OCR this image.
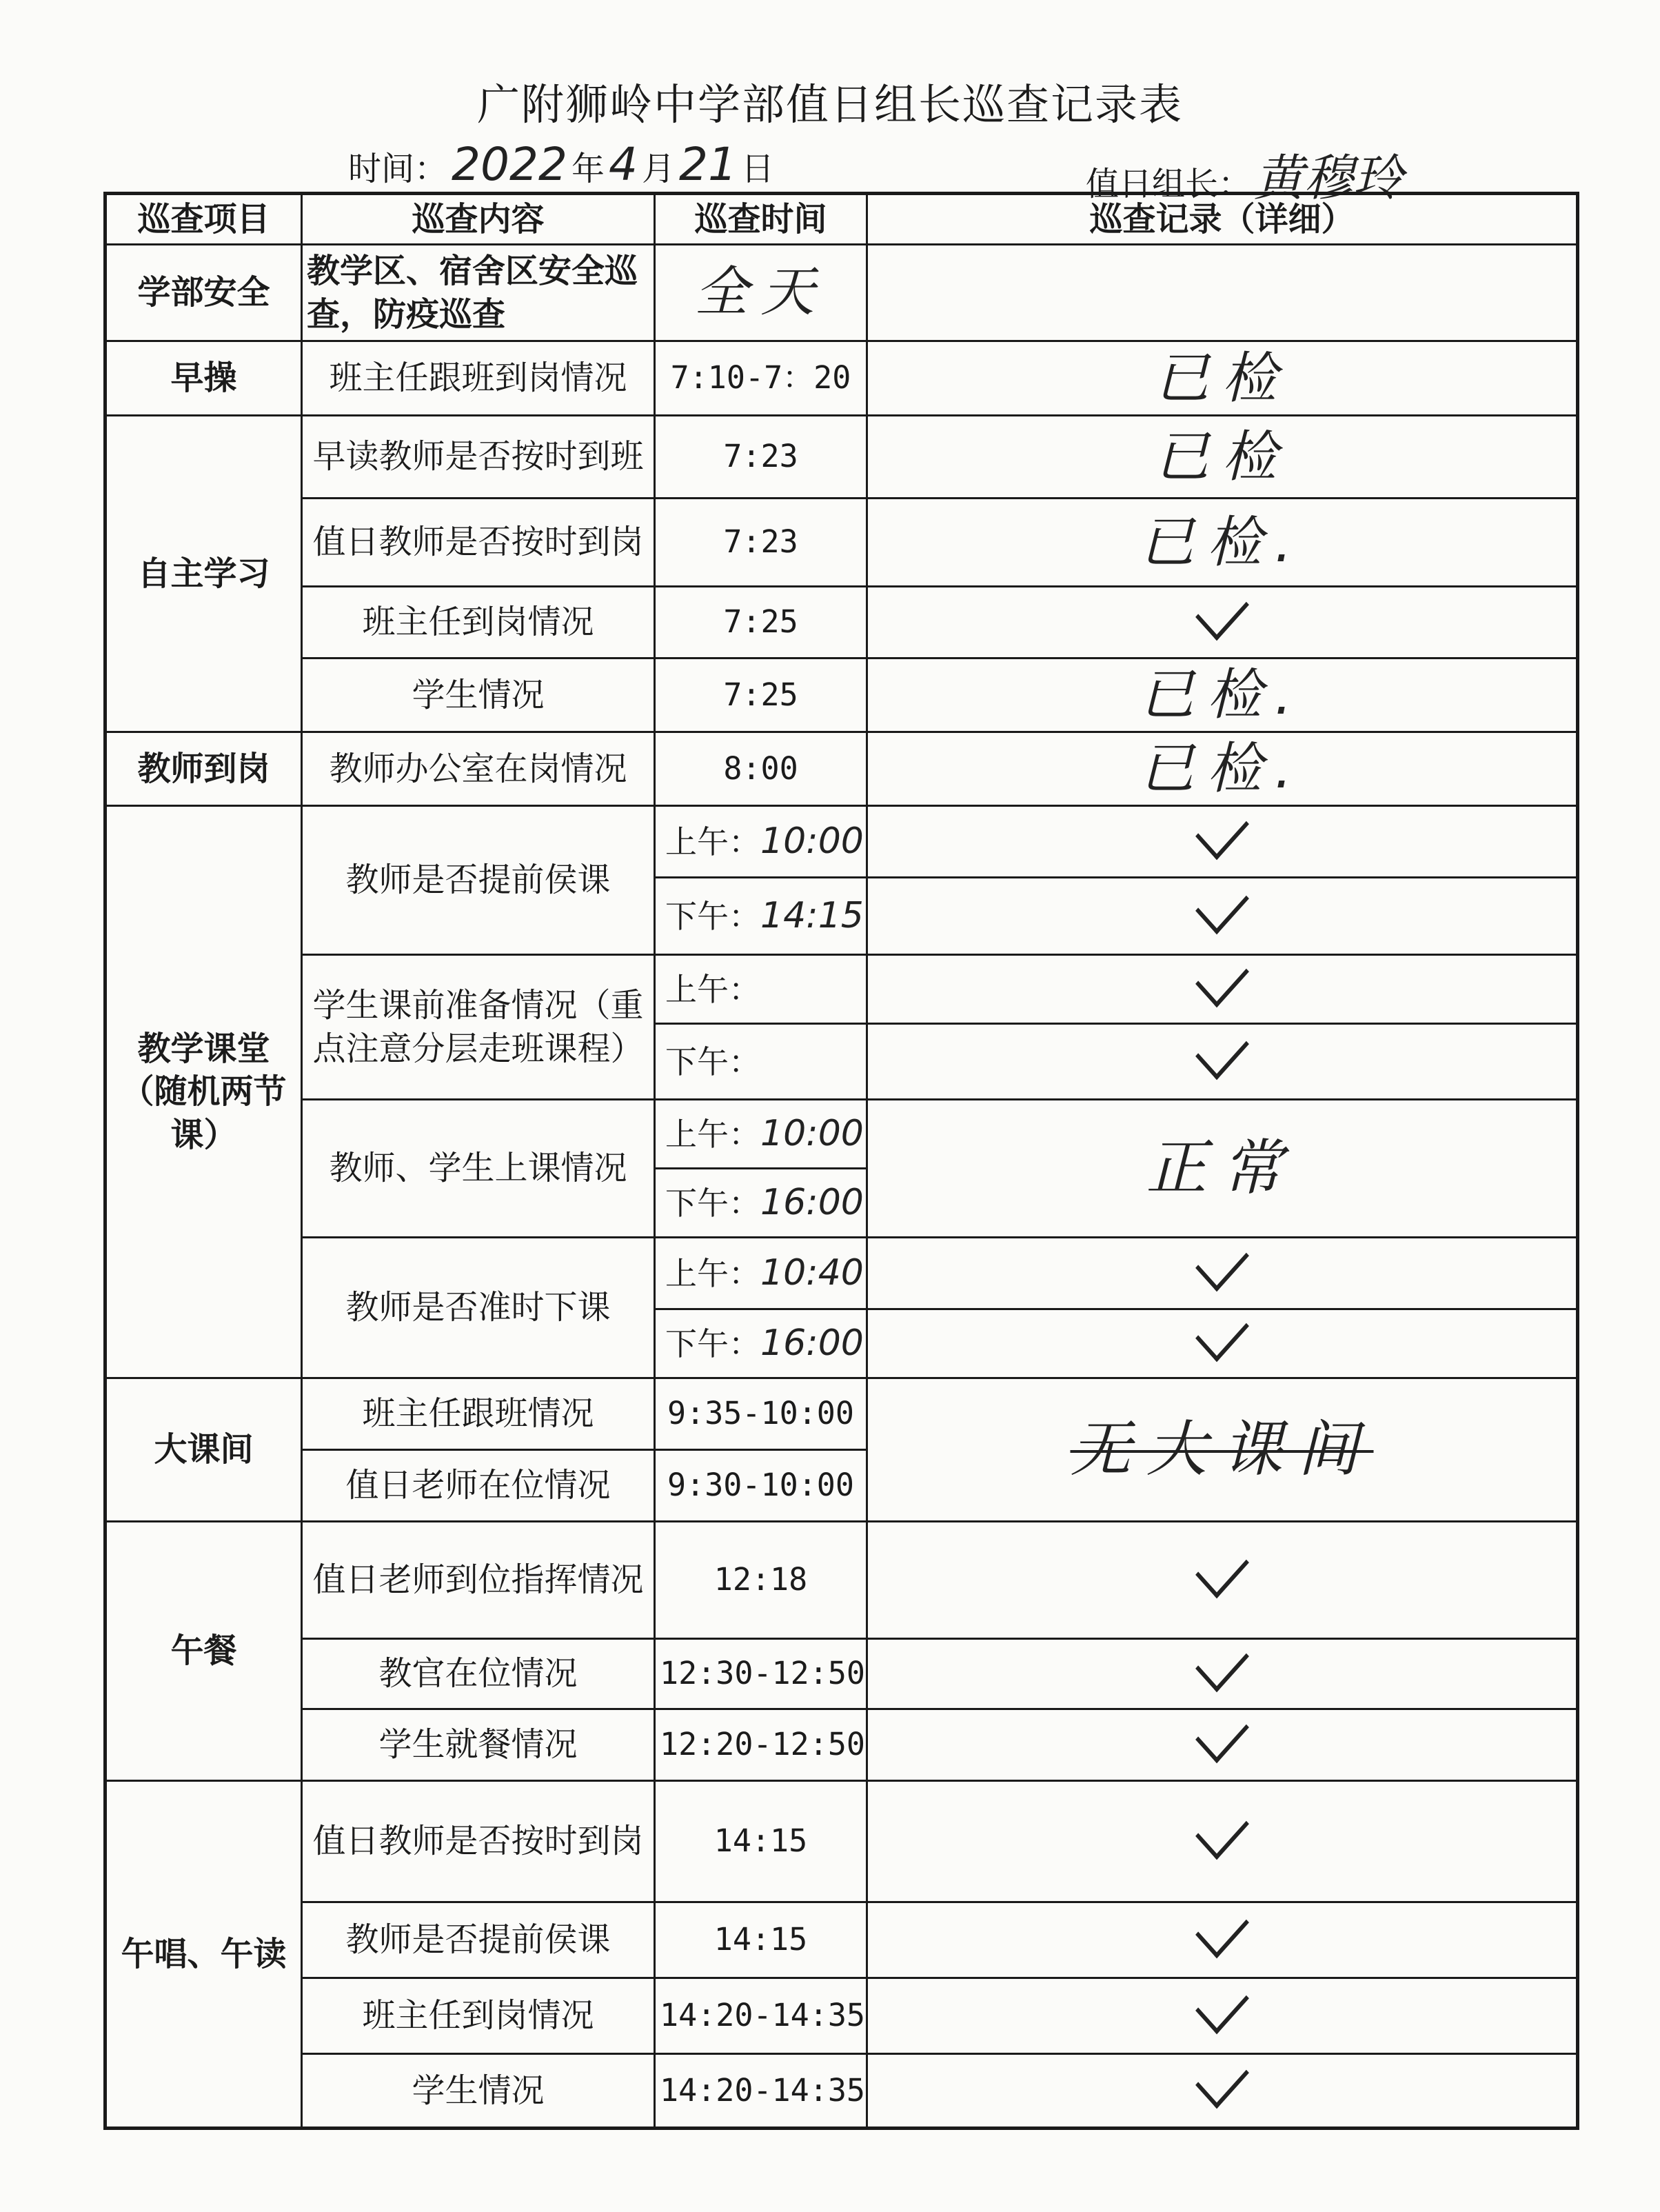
广附狮岭中学部值日组长巡查记录表
时间：2022 年4 月21 日	值日组长：黄穆玲
巡查项目	巡查内容	巡查时间	巡查记录（详细）
学部安全	教学区、宿舍区安全巡查，防疫巡查	全天	
早操	班主任跟班到岗情况	7:10-7：20	已检
自主学习	早读教师是否按时到班	7:23	已检
	值日教师是否按时到岗	7:23	已检.
	班主任到岗情况	7:25	
	学生情况	7:25	已检.
教师到岗	教师办公室在岗情况	8:00	已检.
教学课堂（随机两节课）	教师是否提前侯课	上午：10:00	
		下午：14:15	
	学生课前准备情况（重点注意分层走班课程）	上午：	
		下午：	
	教师、学生上课情况	上午：10:00	正常
		下午：16:00	
	教师是否准时下课	上午：10:40	
		下午：16:00	
大课间	班主任跟班情况	9:35-10:00	无大课间
	值日老师在位情况	9:30-10:00	
午餐	值日老师到位指挥情况	12:18	
	教官在位情况	12:30-12:50	
	学生就餐情况	12:20-12:50	
午唱、午读	值日教师是否按时到岗	14:15	
	教师是否提前侯课	14:15	
	班主任到岗情况	14:20-14:35	
	学生情况	14:20-14:35	
